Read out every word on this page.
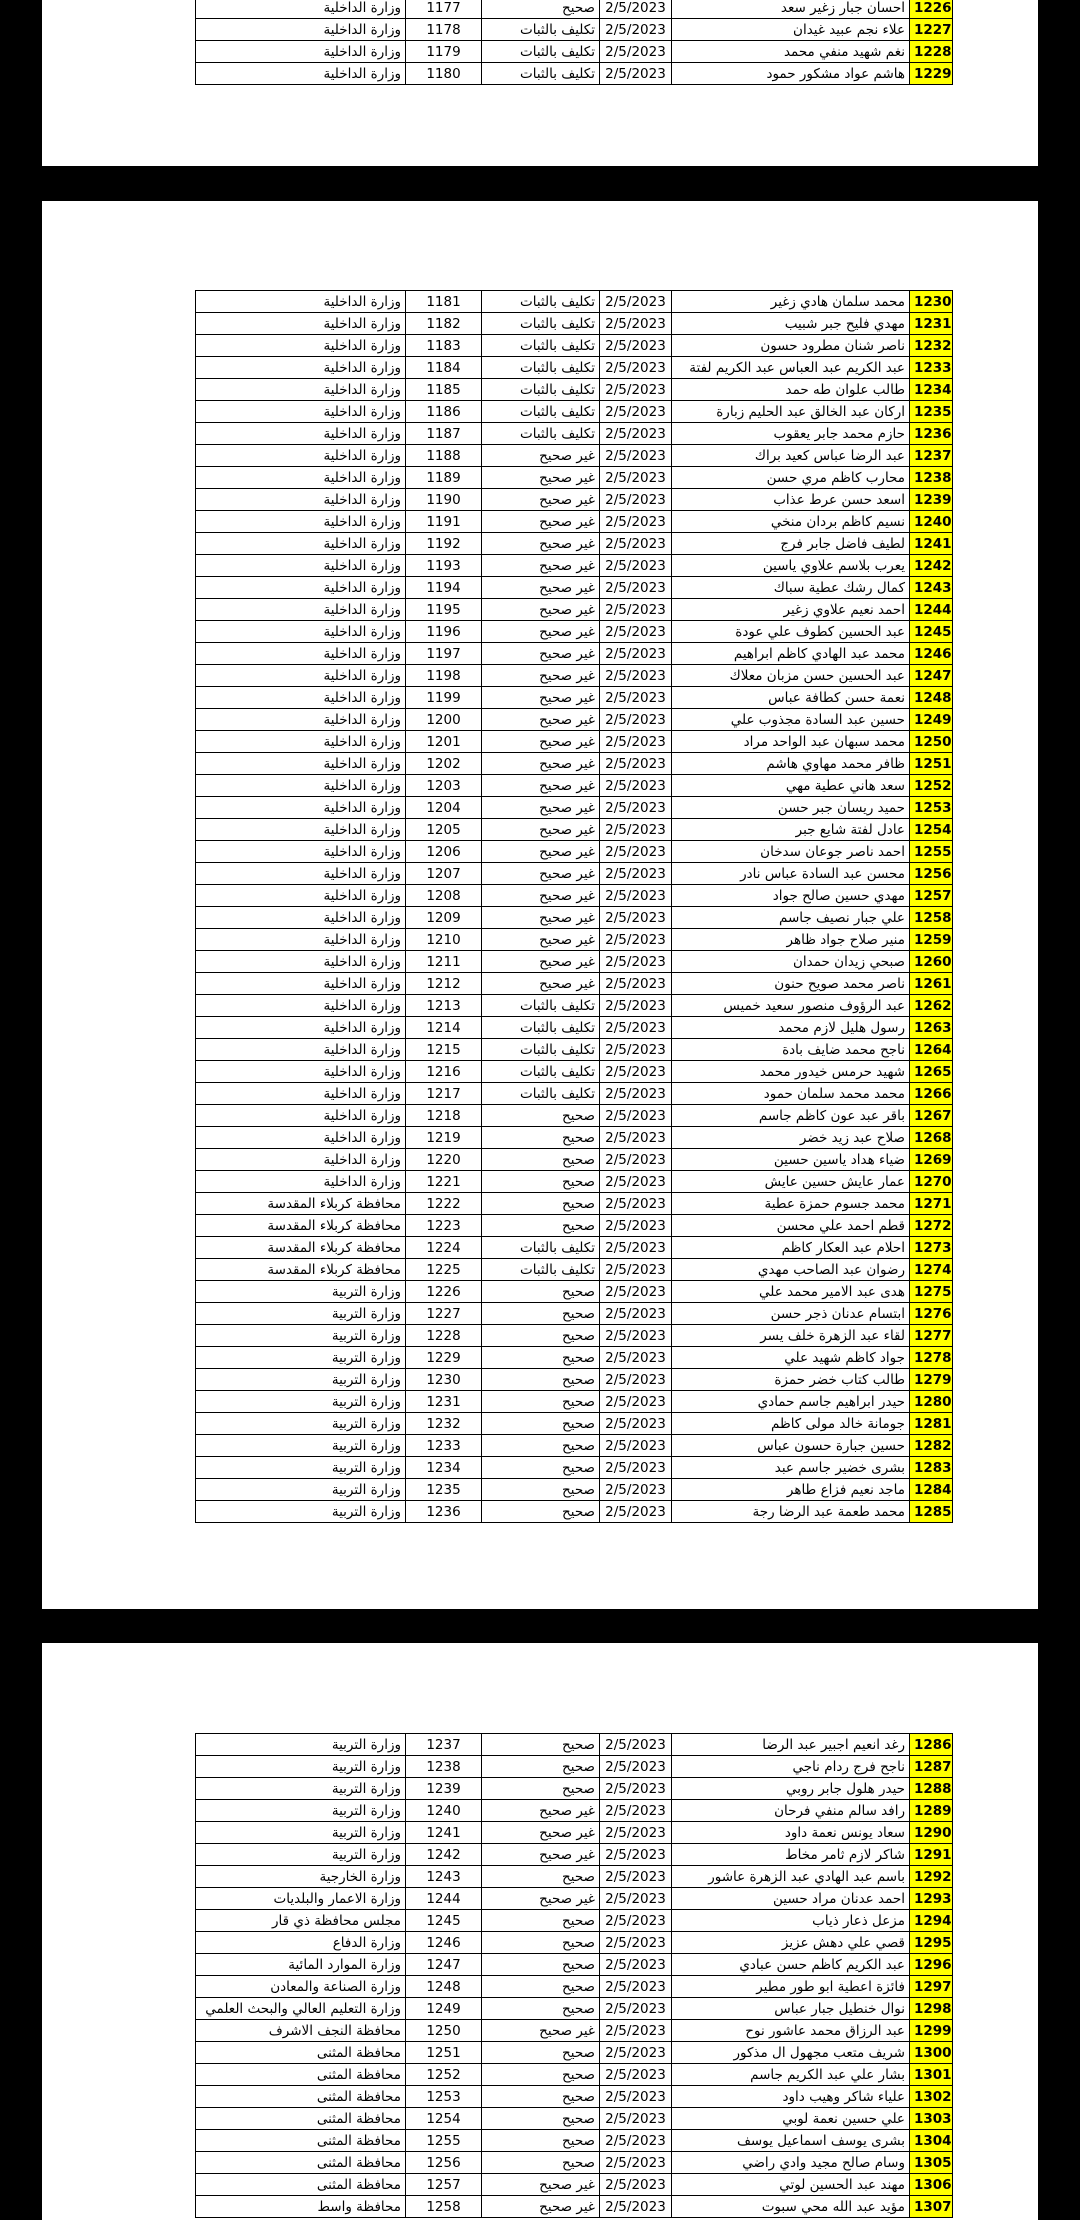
وزارة الداخلية	1177	صحيح	2/5/2023	احسان جبار زغير سعد	1226
وزارة الداخلية	1178	تكليف بالثبات	2/5/2023	علاء نجم عبيد غيدان	1227
وزارة الداخلية	1179	تكليف بالثبات	2/5/2023	نغم شهيد منفي محمد	1228
وزارة الداخلية	1180	تكليف بالثبات	2/5/2023	هاشم عواد مشكور حمود	1229
وزارة الداخلية	1181	تكليف بالثبات	2/5/2023	محمد سلمان هادي زغير	1230
وزارة الداخلية	1182	تكليف بالثبات	2/5/2023	مهدي فليح جبر شبيب	1231
وزارة الداخلية	1183	تكليف بالثبات	2/5/2023	ناصر شنان مطرود حسون	1232
وزارة الداخلية	1184	تكليف بالثبات	2/5/2023	عبد الكريم عبد العباس عبد الكريم لفتة	1233
وزارة الداخلية	1185	تكليف بالثبات	2/5/2023	طالب علوان طه حمد	1234
وزارة الداخلية	1186	تكليف بالثبات	2/5/2023	اركان عبد الخالق عبد الحليم زبارة	1235
وزارة الداخلية	1187	تكليف بالثبات	2/5/2023	حازم محمد جابر يعقوب	1236
وزارة الداخلية	1188	غير صحيح	2/5/2023	عبد الرضا عباس كعيد براك	1237
وزارة الداخلية	1189	غير صحيح	2/5/2023	محارب كاظم مري حسن	1238
وزارة الداخلية	1190	غير صحيح	2/5/2023	اسعد حسن عرط عذاب	1239
وزارة الداخلية	1191	غير صحيح	2/5/2023	نسيم كاظم بردان منخي	1240
وزارة الداخلية	1192	غير صحيح	2/5/2023	لطيف فاضل جابر فرج	1241
وزارة الداخلية	1193	غير صحيح	2/5/2023	يعرب بلاسم علاوي ياسين	1242
وزارة الداخلية	1194	غير صحيح	2/5/2023	كمال رشك عطية سباك	1243
وزارة الداخلية	1195	غير صحيح	2/5/2023	احمد نعيم علاوي زغير	1244
وزارة الداخلية	1196	غير صحيح	2/5/2023	عبد الحسين كطوف علي عودة	1245
وزارة الداخلية	1197	غير صحيح	2/5/2023	محمد عبد الهادي كاظم ابراهيم	1246
وزارة الداخلية	1198	غير صحيح	2/5/2023	عبد الحسين حسن مزبان معلاك	1247
وزارة الداخلية	1199	غير صحيح	2/5/2023	نعمة حسن كطافة عباس	1248
وزارة الداخلية	1200	غير صحيح	2/5/2023	حسين عبد السادة مجذوب علي	1249
وزارة الداخلية	1201	غير صحيح	2/5/2023	محمد سبهان عبد الواحد مراد	1250
وزارة الداخلية	1202	غير صحيح	2/5/2023	ظافر محمد مهاوي هاشم	1251
وزارة الداخلية	1203	غير صحيح	2/5/2023	سعد هاني عطية مهي	1252
وزارة الداخلية	1204	غير صحيح	2/5/2023	حميد ريسان جبر حسن	1253
وزارة الداخلية	1205	غير صحيح	2/5/2023	عادل لفتة شايع جبر	1254
وزارة الداخلية	1206	غير صحيح	2/5/2023	احمد ناصر جوعان سدخان	1255
وزارة الداخلية	1207	غير صحيح	2/5/2023	محسن عبد السادة عباس نادر	1256
وزارة الداخلية	1208	غير صحيح	2/5/2023	مهدي حسين صالح جواد	1257
وزارة الداخلية	1209	غير صحيح	2/5/2023	علي جبار نصيف جاسم	1258
وزارة الداخلية	1210	غير صحيح	2/5/2023	منير صلاح جواد ظاهر	1259
وزارة الداخلية	1211	غير صحيح	2/5/2023	صبحي زيدان حمدان	1260
وزارة الداخلية	1212	غير صحيح	2/5/2023	ناصر محمد صويح حنون	1261
وزارة الداخلية	1213	تكليف بالثبات	2/5/2023	عبد الرؤوف منصور سعيد خميس	1262
وزارة الداخلية	1214	تكليف بالثبات	2/5/2023	رسول هليل لازم محمد	1263
وزارة الداخلية	1215	تكليف بالثبات	2/5/2023	ناجح محمد ضايف بادة	1264
وزارة الداخلية	1216	تكليف بالثبات	2/5/2023	شهيد حرمس خيدور محمد	1265
وزارة الداخلية	1217	تكليف بالثبات	2/5/2023	محمد محمد سلمان حمود	1266
وزارة الداخلية	1218	صحيح	2/5/2023	باقر عبد عون كاظم جاسم	1267
وزارة الداخلية	1219	صحيح	2/5/2023	صلاح عبد زيد خضر	1268
وزارة الداخلية	1220	صحيح	2/5/2023	ضياء هداد ياسين حسين	1269
وزارة الداخلية	1221	صحيح	2/5/2023	عمار عايش حسين عايش	1270
محافظة كربلاء المقدسة	1222	صحيح	2/5/2023	محمد جسوم حمزة عطية	1271
محافظة كربلاء المقدسة	1223	صحيح	2/5/2023	قطم احمد علي محسن	1272
محافظة كربلاء المقدسة	1224	تكليف بالثبات	2/5/2023	احلام عبد العكار كاظم	1273
محافظة كربلاء المقدسة	1225	تكليف بالثبات	2/5/2023	رضوان عبد الصاحب مهدي	1274
وزارة التربية	1226	صحيح	2/5/2023	هدى عبد الامير محمد علي	1275
وزارة التربية	1227	صحيح	2/5/2023	ابتسام عدنان ذجر حسن	1276
وزارة التربية	1228	صحيح	2/5/2023	لقاء عبد الزهرة خلف يسر	1277
وزارة التربية	1229	صحيح	2/5/2023	جواد كاظم شهيد علي	1278
وزارة التربية	1230	صحيح	2/5/2023	طالب كتاب خضر حمزة	1279
وزارة التربية	1231	صحيح	2/5/2023	حيدر ابراهيم جاسم حمادي	1280
وزارة التربية	1232	صحيح	2/5/2023	جومانة خالد مولى كاظم	1281
وزارة التربية	1233	صحيح	2/5/2023	حسين جبارة حسون عباس	1282
وزارة التربية	1234	صحيح	2/5/2023	بشرى خضير جاسم عبد	1283
وزارة التربية	1235	صحيح	2/5/2023	ماجد نعيم فزاع طاهر	1284
وزارة التربية	1236	صحيح	2/5/2023	محمد طعمة عبد الرضا رجة	1285
وزارة التربية	1237	صحيح	2/5/2023	رغد انعيم اجبير عبد الرضا	1286
وزارة التربية	1238	صحيح	2/5/2023	ناجح فرج ردام ناجي	1287
وزارة التربية	1239	صحيح	2/5/2023	حيدر هلول جابر روبي	1288
وزارة التربية	1240	غير صحيح	2/5/2023	رافد سالم منفي فرحان	1289
وزارة التربية	1241	غير صحيح	2/5/2023	سعاد يونس نعمة داود	1290
وزارة التربية	1242	غير صحيح	2/5/2023	شاكر لازم ثامر مخاط	1291
وزارة الخارجية	1243	صحيح	2/5/2023	باسم عبد الهادي عبد الزهرة عاشور	1292
وزارة الاعمار والبلديات	1244	غير صحيح	2/5/2023	احمد عدنان مراد حسين	1293
مجلس محافظة ذي قار	1245	صحيح	2/5/2023	مزعل ذعار ذياب	1294
وزارة الدفاع	1246	صحيح	2/5/2023	قصي علي دهش عزيز	1295
وزارة الموارد المائية	1247	صحيح	2/5/2023	عبد الكريم كاظم حسن عبادي	1296
وزارة الصناعة والمعادن	1248	صحيح	2/5/2023	فائزة اعطية ابو طور مطير	1297
وزارة التعليم العالي والبحث العلمي	1249	صحيح	2/5/2023	نوال خنطيل جبار عباس	1298
محافظة النجف الاشرف	1250	غير صحيح	2/5/2023	عبد الرزاق محمد عاشور نوح	1299
محافظة المثنى	1251	صحيح	2/5/2023	شريف متعب مجهول ال مذكور	1300
محافظة المثنى	1252	صحيح	2/5/2023	بشار علي عبد الكريم جاسم	1301
محافظة المثنى	1253	صحيح	2/5/2023	علياء شاكر وهيب داود	1302
محافظة المثنى	1254	صحيح	2/5/2023	علي حسين نعمة لوبي	1303
محافظة المثنى	1255	صحيح	2/5/2023	بشرى يوسف اسماعيل يوسف	1304
محافظة المثنى	1256	صحيح	2/5/2023	وسام صالح مجيد وادي راضي	1305
محافظة المثنى	1257	غير صحيح	2/5/2023	مهند عبد الحسين لوتي	1306
محافظة واسط	1258	غير صحيح	2/5/2023	مؤيد عبد الله محي سبوت	1307
